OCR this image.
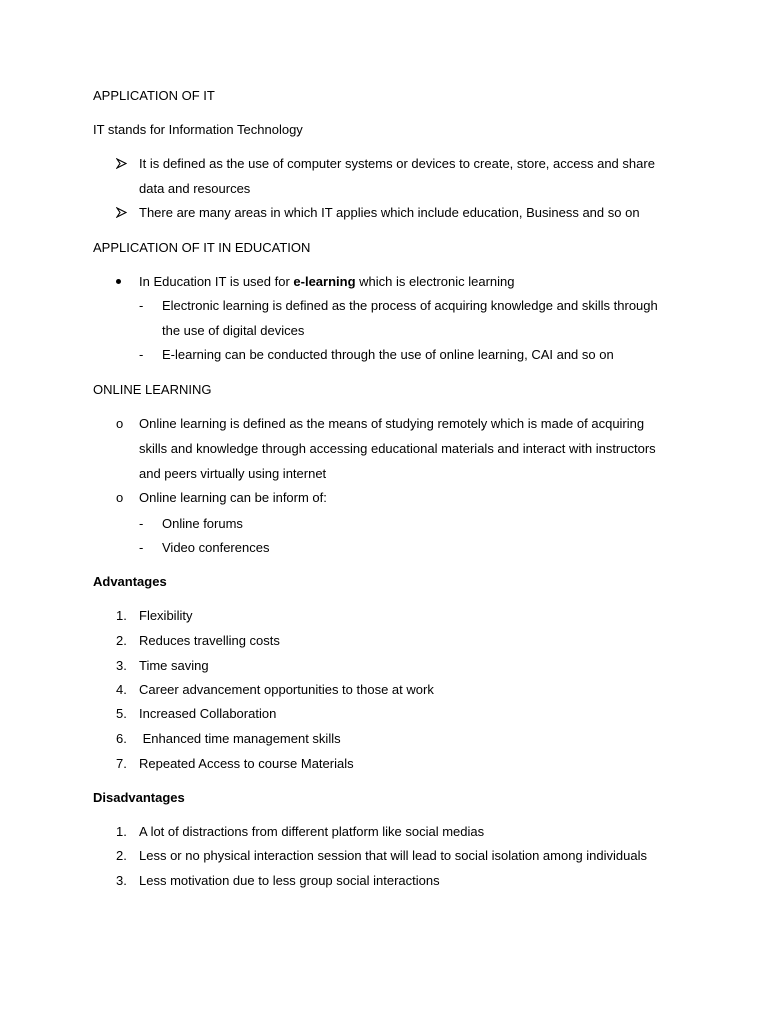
APPLICATION OF IT
IT stands for Information Technology
It is defined as the use of computer systems or devices to create, store, access and share
data and resources
There are many areas in which IT applies which include education, Business and so on
APPLICATION OF IT IN EDUCATION
In Education IT is used for e-learning which is electronic learning
- Electronic learning is defined as the process of acquiring knowledge and skills through
the use of digital devices
- E-learning can be conducted through the use of online learning, CAI and so on
ONLINE LEARNING
o Online learning is defined as the means of studying remotely which is made of acquiring
skills and knowledge through accessing educational materials and interact with instructors
and peers virtually using internet
o Online learning can be inform of:
- Online forums
- Video conferences
Advantages
1. Flexibility
2. Reduces travelling costs
3. Time saving
4. Career advancement opportunities to those at work
5. Increased Collaboration
6. Enhanced time management skills
7. Repeated Access to course Materials
Disadvantages
1. A lot of distractions from different platform like social medias
2. Less or no physical interaction session that will lead to social isolation among individuals
3. Less motivation due to less group social interactions
